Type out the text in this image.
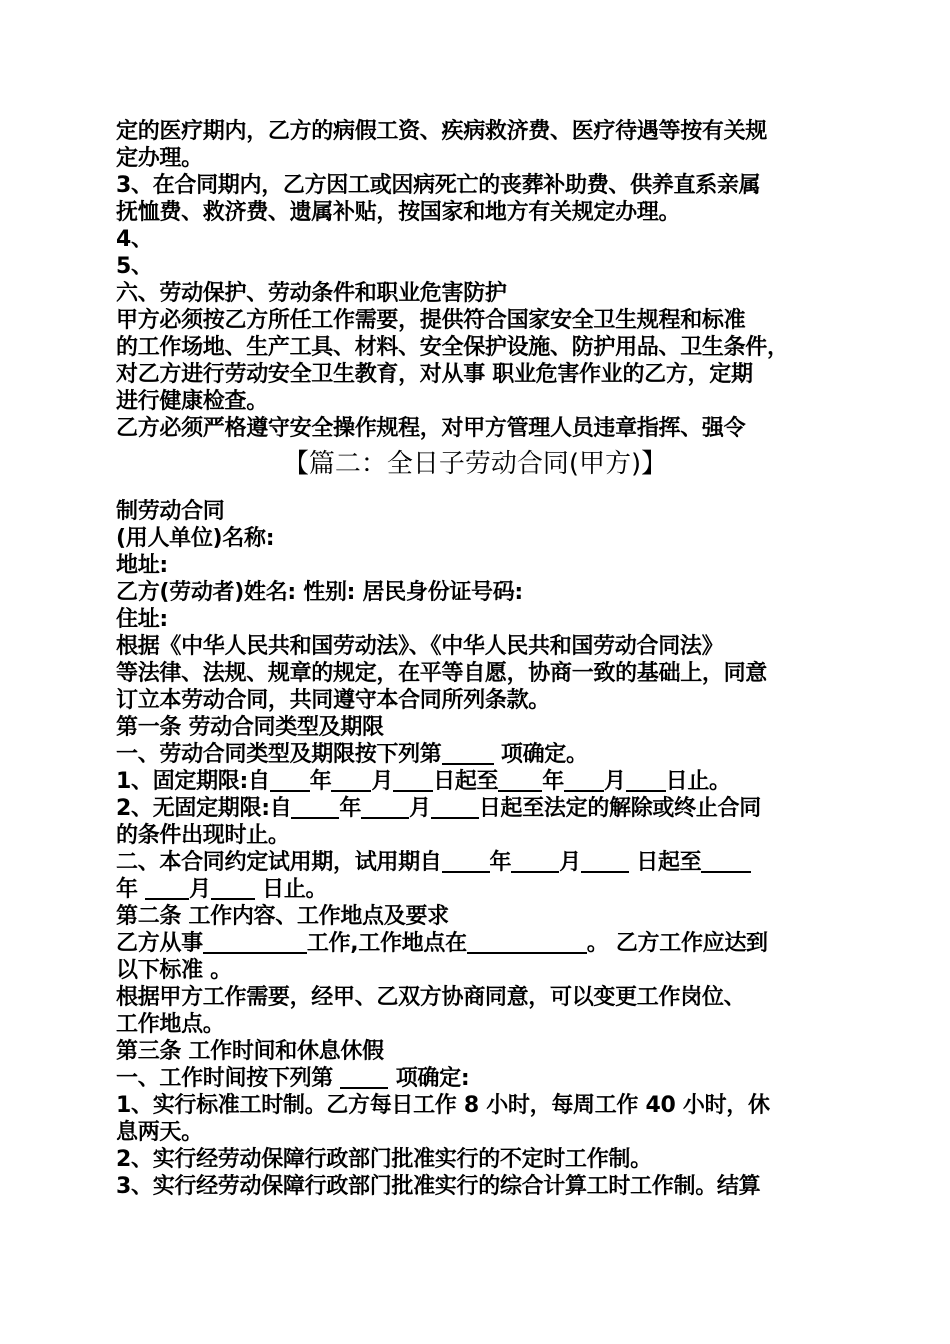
定的医疗期内，乙方的病假工资、疾病救济费、医疗待遇等按有关规
定办理。
3、在合同期内，乙方因工或因病死亡的丧葬补助费、供养直系亲属
抚恤费、救济费、遗属补贴，按国家和地方有关规定办理。
4、
5、
六、劳动保护、劳动条件和职业危害防护
甲方必须按乙方所任工作需要，提供符合国家安全卫生规程和标准
的工作场地、生产工具、材料、安全保护设施、防护用品、卫生条件，
对乙方进行劳动安全卫生教育，对从事 职业危害作业的乙方，定期
进行健康检查。
乙方必须严格遵守安全操作规程，对甲方管理人员违章指挥、强令
【篇二：全日子劳动合同(甲方)】
制劳动合同
(用人单位)名称:
地址:
乙方(劳动者)姓名: 性别: 居民身份证号码:
住址:
根据《中华人民共和国劳动法》、《中华人民共和国劳动合同法》
等法律、法规、规章的规定，在平等自愿，协商一致的基础上，同意
订立本劳动合同，共同遵守本合同所列条款。
第一条 劳动合同类型及期限
一、劳动合同类型及期限按下列第 项确定。
1、固定期限:自 年 月 日起至 年 月 日止。
2、无固定期限:自 年 月 日起至法定的解除或终止合同
的条件出现时止。
二、本合同约定试用期，试用期自 年 月 日起至
年 月 日止。
第二条 工作内容、工作地点及要求
乙方从事	工作,工作地点在	。 乙方工作应达到
以下标准 。
根据甲方工作需要，经甲、乙双方协商同意，可以变更工作岗位、
工作地点。
第三条 工作时间和休息休假
一、工作时间按下列第  项确定:
1、实行标准工时制。乙方每日工作 8 小时，每周工作 40 小时，休
息两天。
2、实行经劳动保障行政部门批准实行的不定时工作制。
3、实行经劳动保障行政部门批准实行的综合计算工时工作制。结算
